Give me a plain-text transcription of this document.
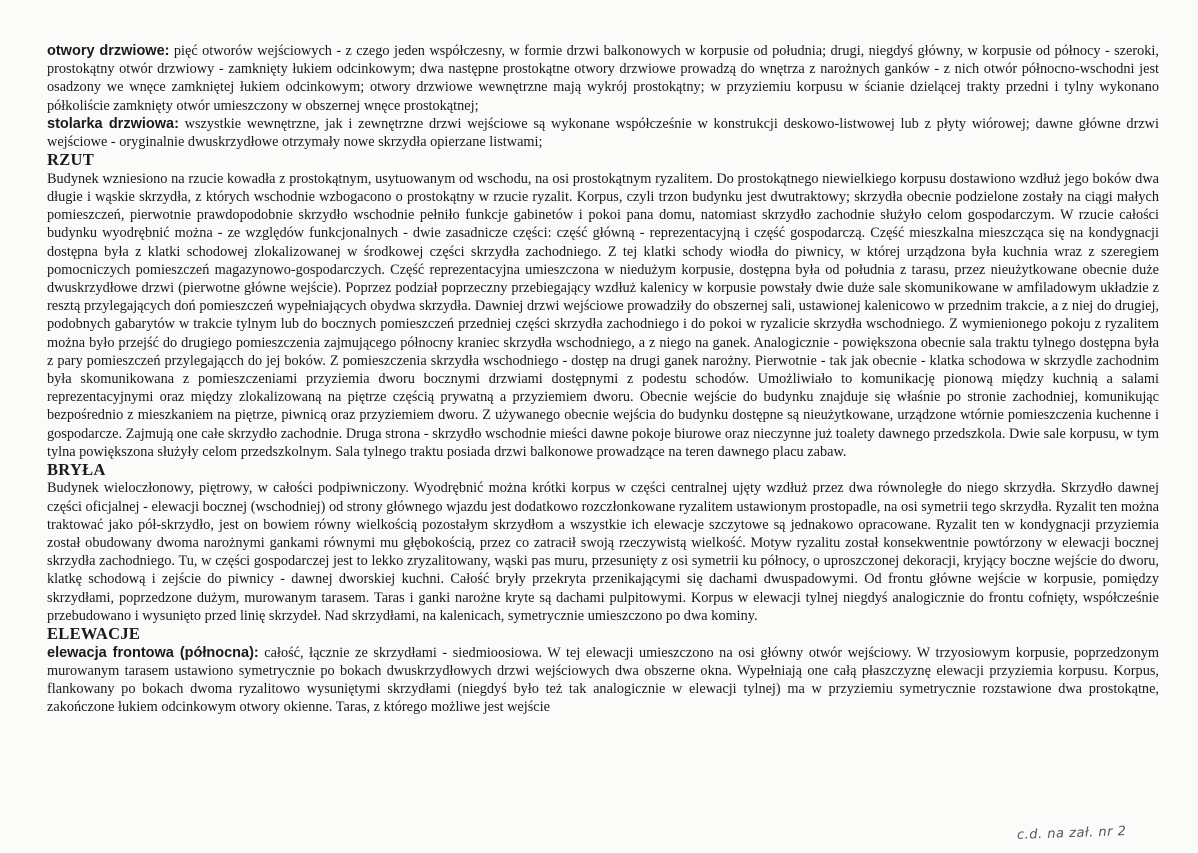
otwory drzwiowe: pięć otworów wejściowych - z czego jeden współczesny, w formie drzwi balkonowych w korpusie od południa; drugi, niegdyś główny, w korpusie od północy - szeroki, prostokątny otwór drzwiowy - zamknięty łukiem odcinkowym; dwa następne prostokątne otwory drzwiowe prowadzą do wnętrza z narożnych ganków - z nich otwór północno-wschodni jest osadzony we wnęce zamkniętej łukiem odcinkowym; otwory drzwiowe wewnętrzne mają wykrój prostokątny; w przyziemiu korpusu w ścianie dzielącej trakty przedni i tylny wykonano półkoliście zamknięty otwór umieszczony w obszernej wnęce prostokątnej;

stolarka drzwiowa: wszystkie wewnętrzne, jak i zewnętrzne drzwi wejściowe są wykonane współcześnie w konstrukcji deskowo-listwowej lub z płyty wiórowej; dawne główne drzwi wejściowe - oryginalnie dwuskrzydłowe otrzymały nowe skrzydła opierzane listwami;

RZUT

Budynek wzniesiono na rzucie kowadła z prostokątnym, usytuowanym od wschodu, na osi prostokątnym ryzalitem. Do prostokątnego niewielkiego korpusu dostawiono wzdłuż jego boków dwa długie i wąskie skrzydła, z których wschodnie wzbogacono o prostokątny w rzucie ryzalit. Korpus, czyli trzon budynku jest dwutraktowy; skrzydła obecnie podzielone zostały na ciągi małych pomieszczeń, pierwotnie prawdopodobnie skrzydło wschodnie pełniło funkcje gabinetów i pokoi pana domu, natomiast skrzydło zachodnie służyło celom gospodarczym. W rzucie całości budynku wyodrębnić można - ze względów funkcjonalnych - dwie zasadnicze części: część główną - reprezentacyjną i część gospodarczą. Część mieszkalna mieszcząca się na kondygnacji dostępna była z klatki schodowej zlokalizowanej w środkowej części skrzydła zachodniego. Z tej klatki schody wiodła do piwnicy, w której urządzona była kuchnia wraz z szeregiem pomocniczych pomieszczeń magazynowo-gospodarczych. Część reprezentacyjna umieszczona w niedużym korpusie, dostępna była od południa z tarasu, przez nieużytkowane obecnie duże dwuskrzydłowe drzwi (pierwotne główne wejście). Poprzez podział poprzeczny przebiegający wzdłuż kalenicy w korpusie powstały dwie duże sale skomunikowane w amfiladowym układzie z resztą przylegających doń pomieszczeń wypełniających obydwa skrzydła. Dawniej drzwi wejściowe prowadziły do obszernej sali, ustawionej kalenicowo w przednim trakcie, a z niej do drugiej, podobnych gabarytów w trakcie tylnym lub do bocznych pomieszczeń przedniej części skrzydła zachodniego i do pokoi w ryzalicie skrzydła wschodniego. Z wymienionego pokoju z ryzalitem można było przejść do drugiego pomieszczenia zajmującego północny kraniec skrzydła wschodniego, a z niego na ganek. Analogicznie - powiększona obecnie sala traktu tylnego dostępna była z pary pomieszczeń przylegającch do jej boków. Z pomieszczenia skrzydła wschodniego - dostęp na drugi ganek narożny. Pierwotnie - tak jak obecnie - klatka schodowa w skrzydle zachodnim była skomunikowana z pomieszczeniami przyziemia dworu bocznymi drzwiami dostępnymi z podestu schodów. Umożliwiało to komunikację pionową między kuchnią a salami reprezentacyjnymi oraz między zlokalizowaną na piętrze częścią prywatną a przyziemiem dworu. Obecnie wejście do budynku znajduje się właśnie po stronie zachodniej, komunikując bezpośrednio z mieszkaniem na piętrze, piwnicą oraz przyziemiem dworu. Z używanego obecnie wejścia do budynku dostępne są nieużytkowane, urządzone wtórnie pomieszczenia kuchenne i gospodarcze. Zajmują one całe skrzydło zachodnie. Druga strona - skrzydło wschodnie mieści dawne pokoje biurowe oraz nieczynne już toalety dawnego przedszkola. Dwie sale korpusu, w tym tylna powiększona służyły celom przedszkolnym. Sala tylnego traktu posiada drzwi balkonowe prowadzące na teren dawnego placu zabaw.

BRYŁA

Budynek wieloczłonowy, piętrowy, w całości podpiwniczony. Wyodrębnić można krótki korpus w części centralnej ujęty wzdłuż przez dwa równoległe do niego skrzydła. Skrzydło dawnej części oficjalnej - elewacji bocznej (wschodniej) od strony głównego wjazdu jest dodatkowo rozczłonkowane ryzalitem ustawionym prostopadle, na osi symetrii tego skrzydła. Ryzalit ten można traktować jako pół-skrzydło, jest on bowiem równy wielkością pozostałym skrzydłom a wszystkie ich elewacje szczytowe są jednakowo opracowane. Ryzalit ten w kondygnacji przyziemia został obudowany dwoma narożnymi gankami równymi mu głębokością, przez co zatracił swoją rzeczywistą wielkość. Motyw ryzalitu został konsekwentnie powtórzony w elewacji bocznej skrzydła zachodniego. Tu, w części gospodarczej jest to lekko zryzalitowany, wąski pas muru, przesunięty z osi symetrii ku północy, o uproszczonej dekoracji, kryjący boczne wejście do dworu, klatkę schodową i zejście do piwnicy - dawnej dworskiej kuchni. Całość bryły przekryta przenikającymi się dachami dwuspadowymi. Od frontu główne wejście w korpusie, pomiędzy skrzydłami, poprzedzone dużym, murowanym tarasem. Taras i ganki narożne kryte są dachami pulpitowymi. Korpus w elewacji tylnej niegdyś analogicznie do frontu cofnięty, współcześnie przebudowano i wysunięto przed linię skrzydeł. Nad skrzydłami, na kalenicach, symetrycznie umieszczono po dwa kominy.

ELEWACJE

elewacja frontowa (północna): całość, łącznie ze skrzydłami - siedmioosiowa. W tej elewacji umieszczono na osi główny otwór wejściowy. W trzyosiowym korpusie, poprzedzonym murowanym tarasem ustawiono symetrycznie po bokach dwuskrzydłowych drzwi wejściowych dwa obszerne okna. Wypełniają one całą płaszczyznę elewacji przyziemia korpusu. Korpus, flankowany po bokach dwoma ryzalitowo wysuniętymi skrzydłami (niegdyś było też tak analogicznie w elewacji tylnej) ma w przyziemiu symetrycznie rozstawione dwa prostokątne, zakończone łukiem odcinkowym otwory okienne. Taras, z którego możliwe jest wejście

c.d. na zał. nr 2
